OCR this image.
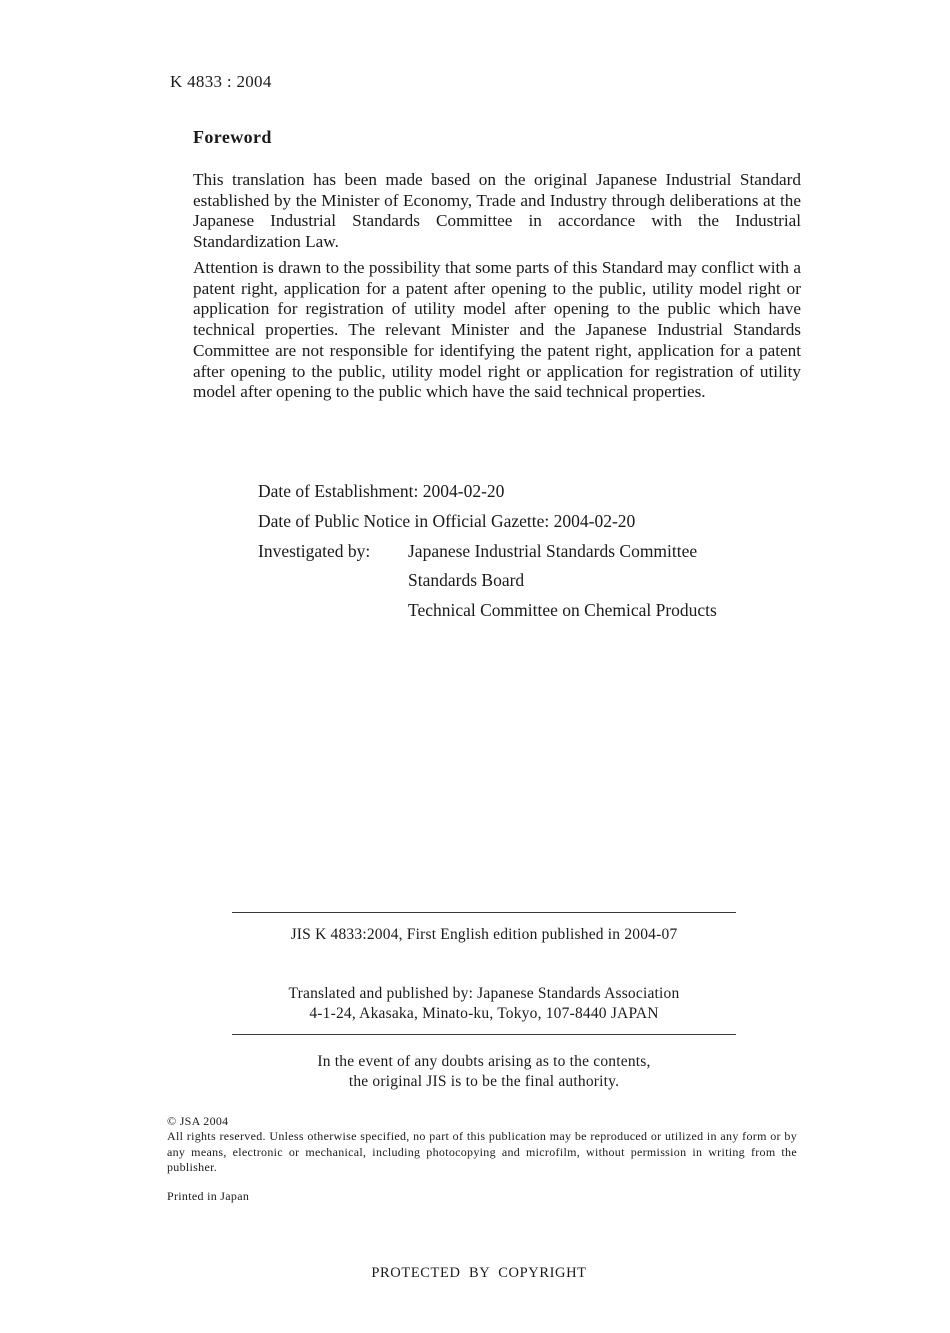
K 4833 : 2004
Foreword
This translation has been made based on the original Japanese Industrial Standard established by the Minister of Economy, Trade and Industry through deliberations at the Japanese Industrial Standards Committee in accordance with the Industrial Standardization Law.
Attention is drawn to the possibility that some parts of this Standard may conflict with a patent right, application for a patent after opening to the public, utility model right or application for registration of utility model after opening to the public which have technical properties. The relevant Minister and the Japanese Industrial Standards Committee are not responsible for identifying the patent right, application for a patent after opening to the public, utility model right or application for registration of utility model after opening to the public which have the said technical properties.
Date of Establishment: 2004-02-20
Date of Public Notice in Official Gazette: 2004-02-20
Investigated by: Japanese Industrial Standards Committee
Standards Board
Technical Committee on Chemical Products
JIS K 4833:2004, First English edition published in 2004-07
Translated and published by: Japanese Standards Association
4-1-24, Akasaka, Minato-ku, Tokyo, 107-8440 JAPAN
In the event of any doubts arising as to the contents,
the original JIS is to be the final authority.
© JSA 2004
All rights reserved. Unless otherwise specified, no part of this publication may be reproduced or utilized in any form or by any means, electronic or mechanical, including photocopying and microfilm, without permission in writing from the publisher.
Printed in Japan
PROTECTED  BY  COPYRIGHT
